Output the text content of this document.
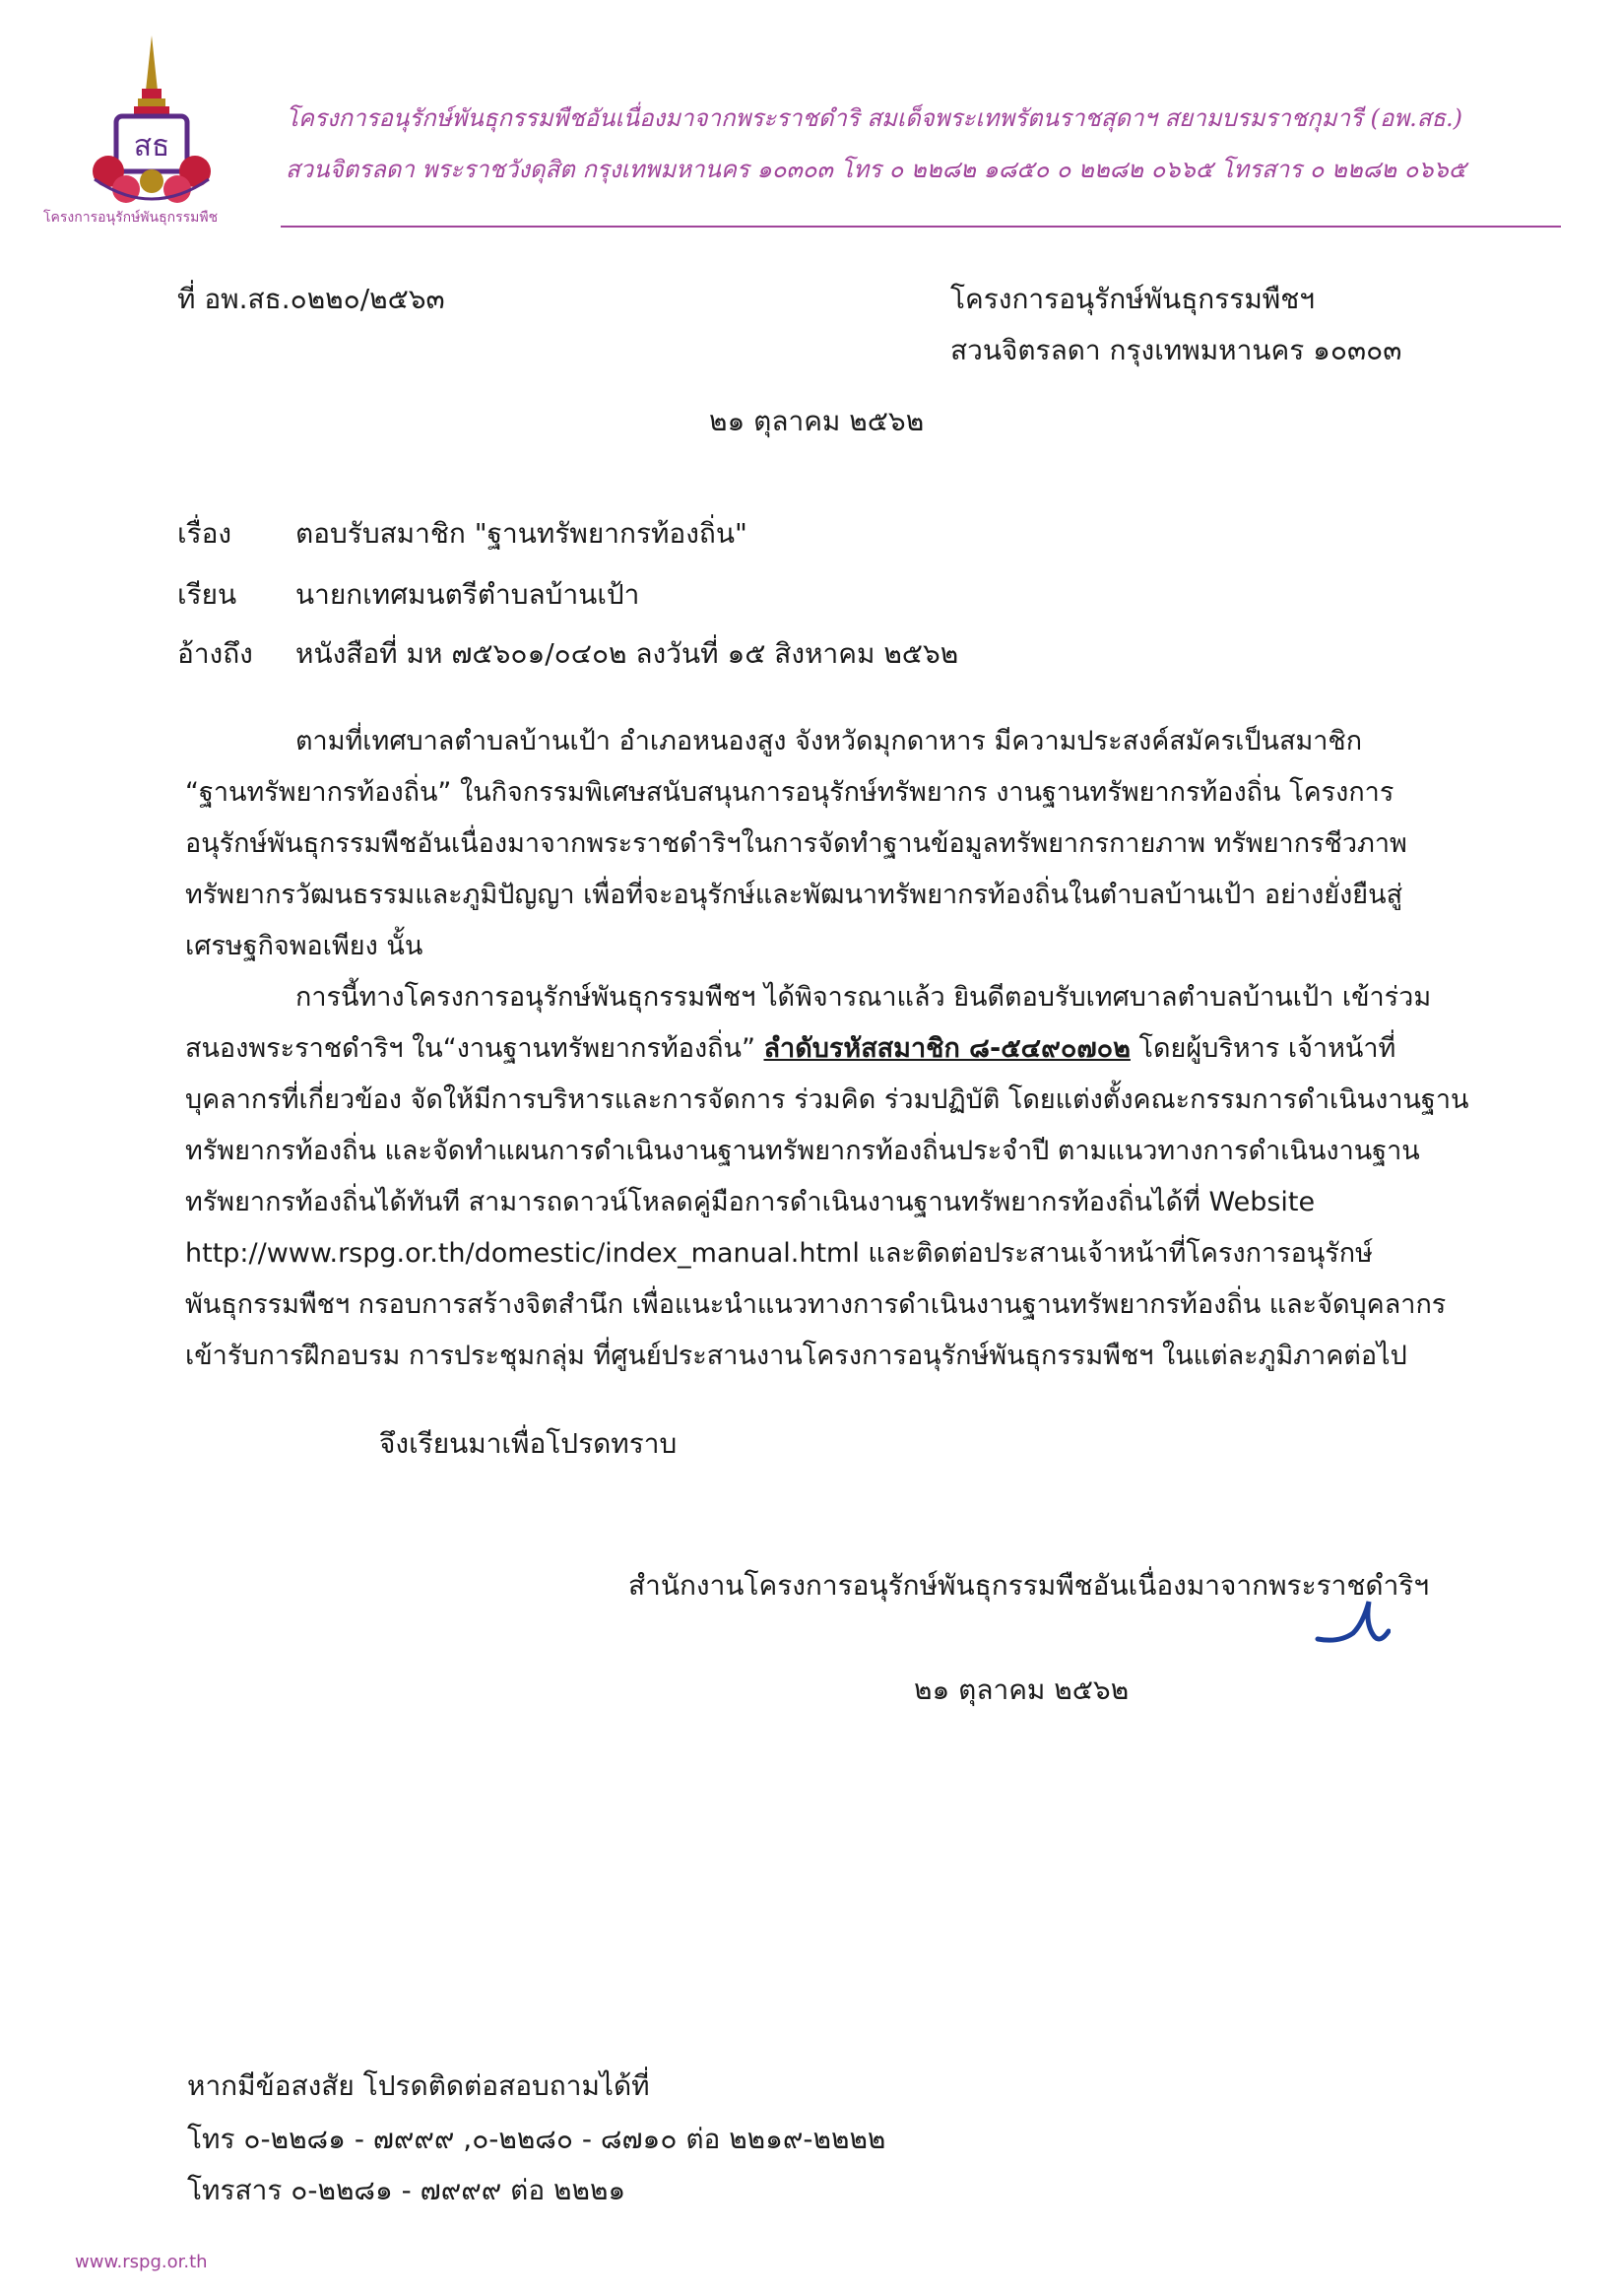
สธ
โครงการอนุรักษ์พันธุกรรมพืช
โครงการอนุรักษ์พันธุกรรมพืชอันเนื่องมาจากพระราชดำริ สมเด็จพระเทพรัตนราชสุดาฯ สยามบรมราชกุมารี (อพ.สธ.)
สวนจิตรลดา พระราชวังดุสิต กรุงเทพมหานคร ๑๐๓๐๓ โทร ๐ ๒๒๘๒ ๑๘๕๐ ๐ ๒๒๘๒ ๐๖๖๕ โทรสาร ๐ ๒๒๘๒ ๐๖๖๕
ที่ อพ.สธ.๐๒๒๐/๒๕๖๓	โครงการอนุรักษ์พันธุกรรมพืชฯ
สวนจิตรลดา กรุงเทพมหานคร ๑๐๓๐๓
๒๑ ตุลาคม ๒๕๖๒
เรื่อง ตอบรับสมาชิก "ฐานทรัพยากรท้องถิ่น"
เรียน นายกเทศมนตรีตำบลบ้านเป้า
อ้างถึง หนังสือที่ มห ๗๕๖๐๑/๐๔๐๒ ลงวันที่ ๑๕ สิงหาคม ๒๕๖๒
ตามที่เทศบาลตำบลบ้านเป้า อำเภอหนองสูง จังหวัดมุกดาหาร มีความประสงค์สมัครเป็นสมาชิก
“ฐานทรัพยากรท้องถิ่น” ในกิจกรรมพิเศษสนับสนุนการอนุรักษ์ทรัพยากร งานฐานทรัพยากรท้องถิ่น โครงการ
อนุรักษ์พันธุกรรมพืชอันเนื่องมาจากพระราชดำริฯในการจัดทำฐานข้อมูลทรัพยากรกายภาพ ทรัพยากรชีวภาพ
ทรัพยากรวัฒนธรรมและภูมิปัญญา เพื่อที่จะอนุรักษ์และพัฒนาทรัพยากรท้องถิ่นในตำบลบ้านเป้า อย่างยั่งยืนสู่
เศรษฐกิจพอเพียง นั้น
การนี้ทางโครงการอนุรักษ์พันธุกรรมพืชฯ ได้พิจารณาแล้ว ยินดีตอบรับเทศบาลตำบลบ้านเป้า เข้าร่วม
สนองพระราชดำริฯ ใน“งานฐานทรัพยากรท้องถิ่น” ลำดับรหัสสมาชิก ๘-๕๔๙๐๗๐๒ โดยผู้บริหาร เจ้าหน้าที่
บุคลากรที่เกี่ยวข้อง จัดให้มีการบริหารและการจัดการ ร่วมคิด ร่วมปฏิบัติ โดยแต่งตั้งคณะกรรมการดำเนินงานฐาน
ทรัพยากรท้องถิ่น และจัดทำแผนการดำเนินงานฐานทรัพยากรท้องถิ่นประจำปี ตามแนวทางการดำเนินงานฐาน
ทรัพยากรท้องถิ่นได้ทันที สามารถดาวน์โหลดคู่มือการดำเนินงานฐานทรัพยากรท้องถิ่นได้ที่ Website
http://www.rspg.or.th/domestic/index_manual.html และติดต่อประสานเจ้าหน้าที่โครงการอนุรักษ์
พันธุกรรมพืชฯ กรอบการสร้างจิตสำนึก เพื่อแนะนำแนวทางการดำเนินงานฐานทรัพยากรท้องถิ่น และจัดบุคลากร
เข้ารับการฝึกอบรม การประชุมกลุ่ม ที่ศูนย์ประสานงานโครงการอนุรักษ์พันธุกรรมพืชฯ ในแต่ละภูมิภาคต่อไป
จึงเรียนมาเพื่อโปรดทราบ
สำนักงานโครงการอนุรักษ์พันธุกรรมพืชอันเนื่องมาจากพระราชดำริฯ
๒๑ ตุลาคม ๒๕๖๒
หากมีข้อสงสัย โปรดติดต่อสอบถามได้ที่
โทร ๐-๒๒๘๑ - ๗๙๙๙ ,๐-๒๒๘๐ - ๘๗๑๐ ต่อ ๒๒๑๙-๒๒๒๒
โทรสาร ๐-๒๒๘๑ - ๗๙๙๙ ต่อ ๒๒๒๑
www.rspg.or.th
